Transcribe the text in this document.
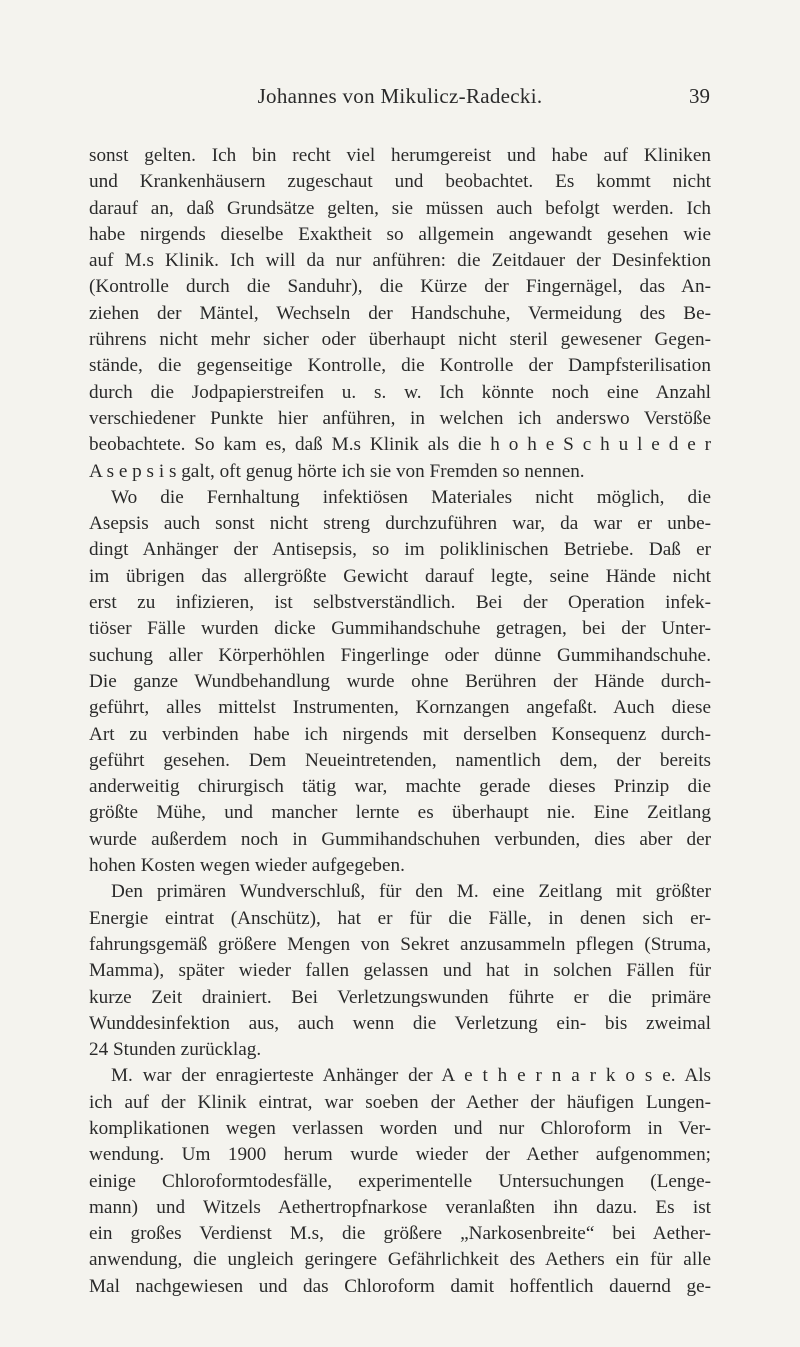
Johannes von Mikulicz-Radecki.	39
sonst gelten. Ich bin recht viel herumgereist und habe auf Kliniken
und Krankenhäusern zugeschaut und beobachtet. Es kommt nicht
darauf an, daß Grundsätze gelten, sie müssen auch befolgt werden. Ich
habe nirgends dieselbe Exaktheit so allgemein angewandt gesehen wie
auf M.s Klinik. Ich will da nur anführen: die Zeitdauer der Desinfektion
(Kontrolle durch die Sanduhr), die Kürze der Fingernägel, das An-
ziehen der Mäntel, Wechseln der Handschuhe, Vermeidung des Be-
rührens nicht mehr sicher oder überhaupt nicht steril gewesener Gegen-
stände, die gegenseitige Kontrolle, die Kontrolle der Dampfsterilisation
durch die Jodpapierstreifen u. s. w. Ich könnte noch eine Anzahl
verschiedener Punkte hier anführen, in welchen ich anderswo Verstöße
beobachtete. So kam es, daß M.s Klinik als die h o h e S c h u l e d e r
A s e p s i s galt, oft genug hörte ich sie von Fremden so nennen.
Wo die Fernhaltung infektiösen Materiales nicht möglich, die
Asepsis auch sonst nicht streng durchzuführen war, da war er unbe-
dingt Anhänger der Antisepsis, so im poliklinischen Betriebe. Daß er
im übrigen das allergrößte Gewicht darauf legte, seine Hände nicht
erst zu infizieren, ist selbstverständlich. Bei der Operation infek-
tiöser Fälle wurden dicke Gummihandschuhe getragen, bei der Unter-
suchung aller Körperhöhlen Fingerlinge oder dünne Gummihandschuhe.
Die ganze Wundbehandlung wurde ohne Berühren der Hände durch-
geführt, alles mittelst Instrumenten, Kornzangen angefaßt. Auch diese
Art zu verbinden habe ich nirgends mit derselben Konsequenz durch-
geführt gesehen. Dem Neueintretenden, namentlich dem, der bereits
anderweitig chirurgisch tätig war, machte gerade dieses Prinzip die
größte Mühe, und mancher lernte es überhaupt nie. Eine Zeitlang
wurde außerdem noch in Gummihandschuhen verbunden, dies aber der
hohen Kosten wegen wieder aufgegeben.
Den primären Wundverschluß, für den M. eine Zeitlang mit größter
Energie eintrat (Anschütz), hat er für die Fälle, in denen sich er-
fahrungsgemäß größere Mengen von Sekret anzusammeln pflegen (Struma,
Mamma), später wieder fallen gelassen und hat in solchen Fällen für
kurze Zeit drainiert. Bei Verletzungswunden führte er die primäre
Wunddesinfektion aus, auch wenn die Verletzung ein- bis zweimal
24 Stunden zurücklag.
M. war der enragierteste Anhänger der A e t h e r n a r k o s e. Als
ich auf der Klinik eintrat, war soeben der Aether der häufigen Lungen-
komplikationen wegen verlassen worden und nur Chloroform in Ver-
wendung. Um 1900 herum wurde wieder der Aether aufgenommen;
einige Chloroformtodesfälle, experimentelle Untersuchungen (Lenge-
mann) und Witzels Aethertropfnarkose veranlaßten ihn dazu. Es ist
ein großes Verdienst M.s, die größere „Narkosenbreite“ bei Aether-
anwendung, die ungleich geringere Gefährlichkeit des Aethers ein für alle
Mal nachgewiesen und das Chloroform damit hoffentlich dauernd ge-
